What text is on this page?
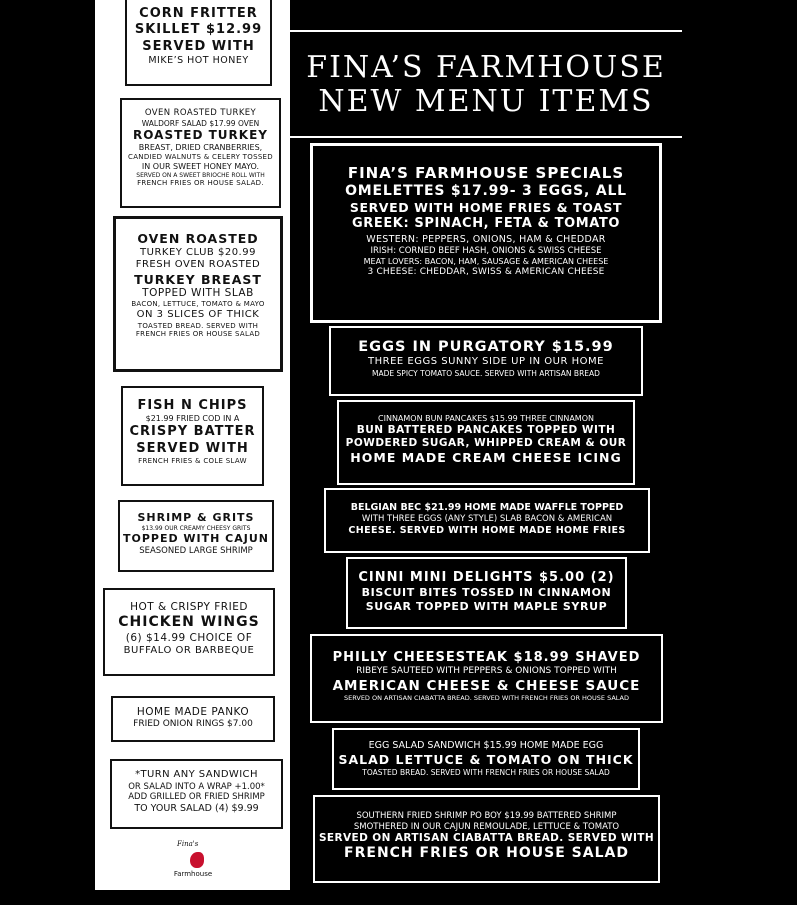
CORN FRITTER
SKILLET $12.99
SERVED WITH
MIKE’S HOT HONEY
OVEN ROASTED TURKEY
WALDORF SALAD $17.99 OVEN
ROASTED TURKEY
BREAST, DRIED CRANBERRIES,
CANDIED WALNUTS & CELERY TOSSED
IN OUR SWEET HONEY MAYO.
SERVED ON A SWEET BRIOCHE ROLL WITH
FRENCH FRIES OR HOUSE SALAD.
OVEN ROASTED
TURKEY CLUB $20.99
FRESH OVEN ROASTED
TURKEY BREAST
TOPPED WITH SLAB
BACON, LETTUCE, TOMATO & MAYO
ON 3 SLICES OF THICK
TOASTED BREAD. SERVED WITH
FRENCH FRIES OR HOUSE SALAD
FISH N CHIPS
$21.99 FRIED COD IN A
CRISPY BATTER
SERVED WITH
FRENCH FRIES & COLE SLAW
SHRIMP & GRITS
$13.99 OUR CREAMY CHEESY GRITS
TOPPED WITH CAJUN
SEASONED LARGE SHRIMP
HOT & CRISPY FRIED
CHICKEN WINGS
(6) $14.99 CHOICE OF
BUFFALO OR BARBEQUE
HOME MADE PANKO
FRIED ONION RINGS $7.00
*TURN ANY SANDWICH
OR SALAD INTO A WRAP +1.00*
ADD GRILLED OR FRIED SHRIMP
TO YOUR SALAD (4) $9.99
Fina's
Farmhouse
FINA’S FARMHOUSE
NEW MENU ITEMS
FINA’S FARMHOUSE SPECIALS
OMELETTES $17.99- 3 EGGS, ALL
SERVED WITH HOME FRIES & TOAST
GREEK: SPINACH, FETA & TOMATO
WESTERN: PEPPERS, ONIONS, HAM & CHEDDAR
IRISH: CORNED BEEF HASH, ONIONS & SWISS CHEESE
MEAT LOVERS: BACON, HAM, SAUSAGE & AMERICAN CHEESE
3 CHEESE: CHEDDAR, SWISS & AMERICAN CHEESE
EGGS IN PURGATORY $15.99
THREE EGGS SUNNY SIDE UP IN OUR HOME
MADE SPICY TOMATO SAUCE. SERVED WITH ARTISAN BREAD
CINNAMON BUN PANCAKES $15.99 THREE CINNAMON
BUN BATTERED PANCAKES TOPPED WITH
POWDERED SUGAR, WHIPPED CREAM & OUR
HOME MADE CREAM CHEESE ICING
BELGIAN BEC $21.99 HOME MADE WAFFLE TOPPED
WITH THREE EGGS (ANY STYLE) SLAB BACON & AMERICAN
CHEESE. SERVED WITH HOME MADE HOME FRIES
CINNI MINI DELIGHTS $5.00 (2)
BISCUIT BITES TOSSED IN CINNAMON
SUGAR TOPPED WITH MAPLE SYRUP
PHILLY CHEESESTEAK $18.99 SHAVED
RIBEYE SAUTEED WITH PEPPERS & ONIONS TOPPED WITH
AMERICAN CHEESE & CHEESE SAUCE
SERVED ON ARTISAN CIABATTA BREAD. SERVED WITH FRENCH FRIES OR HOUSE SALAD
EGG SALAD SANDWICH $15.99 HOME MADE EGG
SALAD LETTUCE & TOMATO ON THICK
TOASTED BREAD. SERVED WITH FRENCH FRIES OR HOUSE SALAD
SOUTHERN FRIED SHRIMP PO BOY $19.99 BATTERED SHRIMP
SMOTHERED IN OUR CAJUN REMOULADE, LETTUCE & TOMATO
SERVED ON ARTISAN CIABATTA BREAD. SERVED WITH
FRENCH FRIES OR HOUSE SALAD
